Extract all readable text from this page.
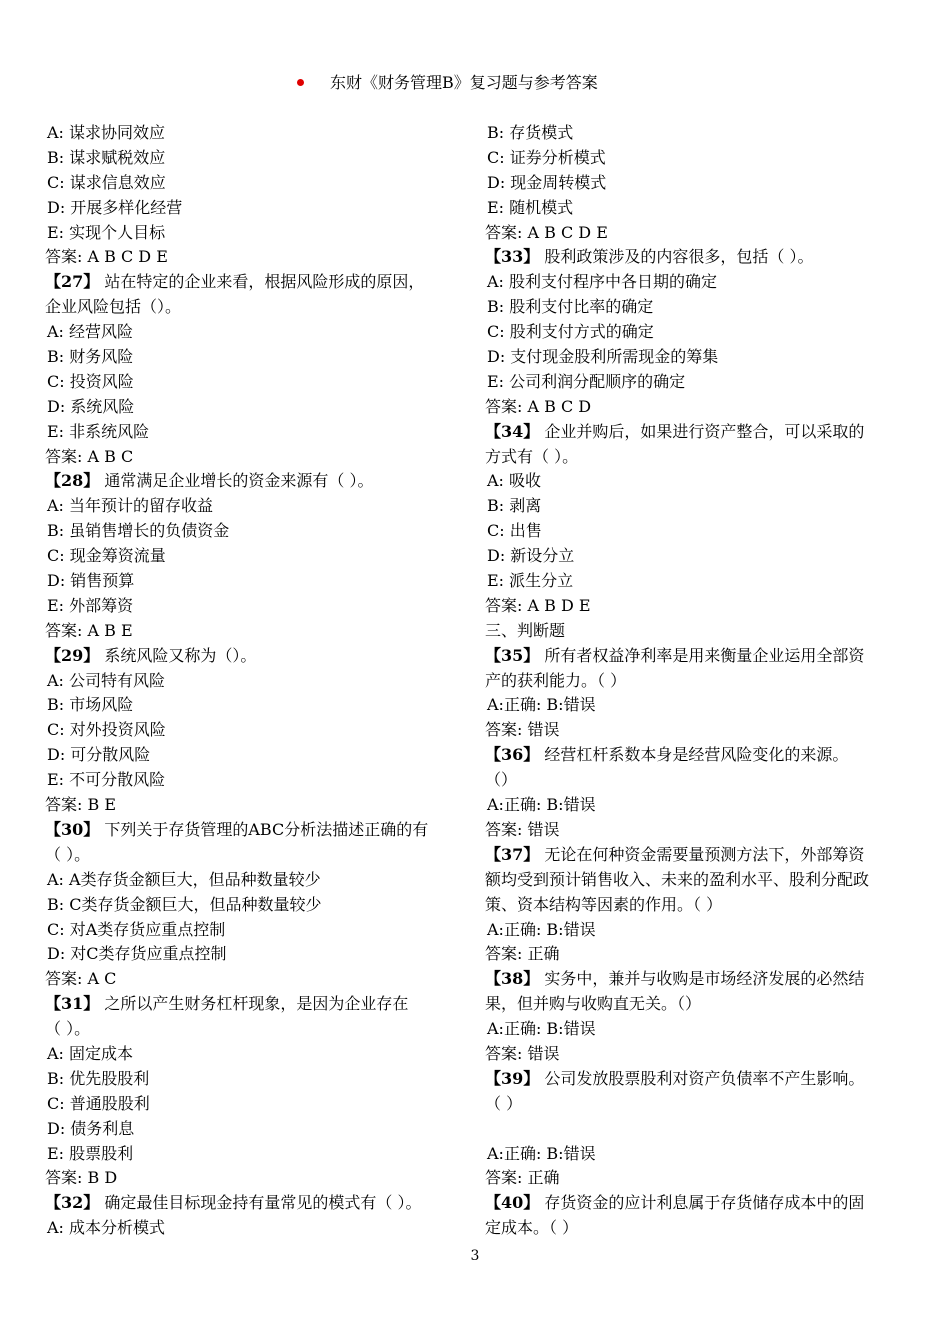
东财《财务管理B》复习题与参考答案
A: 谋求协同效应
B: 谋求赋税效应
C: 谋求信息效应
D: 开展多样化经营
E: 实现个人目标
答案: A B C D E
【27】 站在特定的企业来看，根据风险形成的原因，
企业风险包括（）。
A: 经营风险
B: 财务风险
C: 投资风险
D: 系统风险
E: 非系统风险
答案: A B C
【28】 通常满足企业增长的资金来源有（ ）。
A: 当年预计的留存收益
B: 虽销售增长的负债资金
C: 现金筹资流量
D: 销售预算
E: 外部筹资
答案: A B E
【29】 系统风险又称为（）。
A: 公司特有风险
B: 市场风险
C: 对外投资风险
D: 可分散风险
E: 不可分散风险
答案: B E
【30】 下列关于存货管理的ABC分析法描述正确的有
（ ）。
A: A类存货金额巨大，但品种数量较少
B: C类存货金额巨大，但品种数量较少
C: 对A类存货应重点控制
D: 对C类存货应重点控制
答案: A C
【31】 之所以产生财务杠杆现象，是因为企业存在
（ ）。
A: 固定成本
B: 优先股股利
C: 普通股股利
D: 债务利息
E: 股票股利
答案: B D
【32】 确定最佳目标现金持有量常见的模式有（ ）。
A: 成本分析模式
B: 存货模式
C: 证券分析模式
D: 现金周转模式
E: 随机模式
答案: A B C D E
【33】 股利政策涉及的内容很多，包括（ ）。
A: 股利支付程序中各日期的确定
B: 股利支付比率的确定
C: 股利支付方式的确定
D: 支付现金股利所需现金的筹集
E: 公司利润分配顺序的确定
答案: A B C D
【34】 企业并购后，如果进行资产整合，可以采取的
方式有（ ）。
A: 吸收
B: 剥离
C: 出售
D: 新设分立
E: 派生分立
答案: A B D E
三、判断题
【35】 所有者权益净利率是用来衡量企业运用全部资
产的获利能力。（ ）
A:正确: B:错误
答案: 错误
【36】 经营杠杆系数本身是经营风险变化的来源。
（）
A:正确: B:错误
答案: 错误
【37】 无论在何种资金需要量预测方法下，外部筹资
额均受到预计销售收入、未来的盈利水平、股利分配政
策、资本结构等因素的作用。（ ）
A:正确: B:错误
答案: 正确
【38】 实务中，兼并与收购是市场经济发展的必然结
果，但并购与收购直无关。（）
A:正确: B:错误
答案: 错误
【39】 公司发放股票股利对资产负债率不产生影响。
（ ）
A:正确: B:错误
答案: 正确
【40】 存货资金的应计利息属于存货储存成本中的固
定成本。（ ）
3
